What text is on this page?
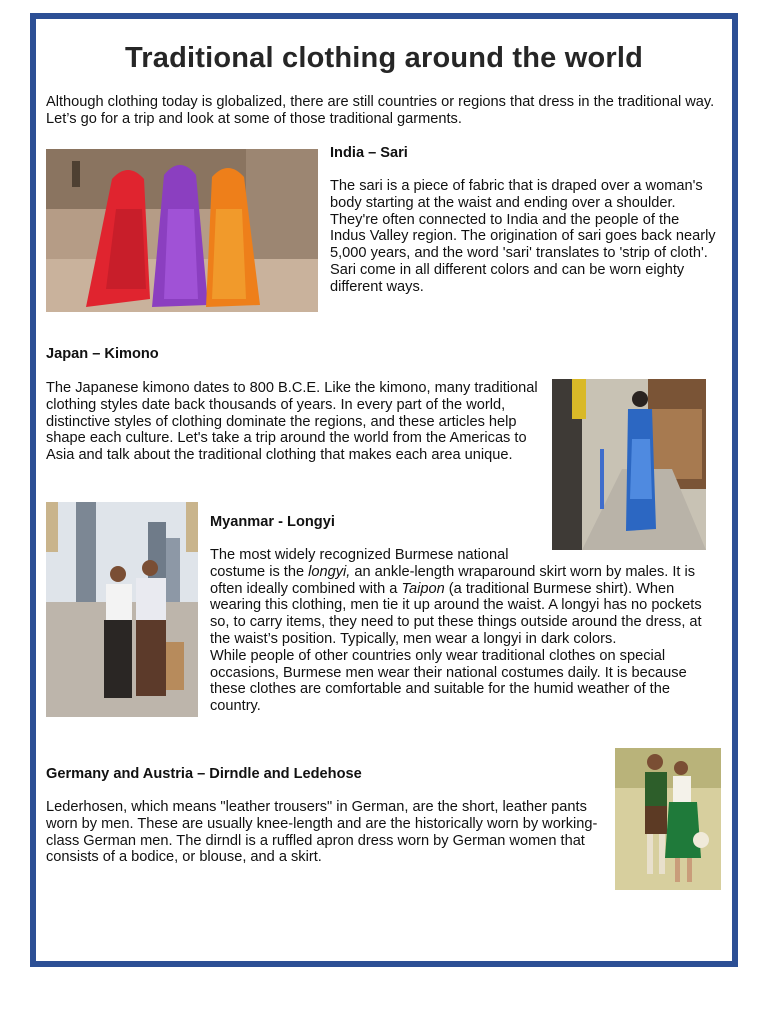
Traditional clothing around the world
Although clothing today is globalized, there are still countries or regions that dress in the traditional way. Let’s go for a trip and look at some of those traditional garments.
India – Sari
The sari is a piece of fabric that is draped over a woman's body starting at the waist and ending over a shoulder. They're often connected to India and the people of the Indus Valley region. The origination of sari goes back nearly 5,000 years, and the word 'sari' translates to 'strip of cloth'. Sari come in all different colors and can be worn eighty different ways.
Japan – Kimono
The Japanese kimono dates to 800 B.C.E. Like the kimono, many traditional clothing styles date back thousands of years. In every part of the world, distinctive styles of clothing dominate the regions, and these articles help shape each culture. Let's take a trip around the world from the Americas to Asia and talk about the traditional clothing that makes each area unique.
Myanmar - Longyi
The most widely recognized Burmese national
costume is the longyi, an ankle-length wraparound skirt worn by males. It is often ideally combined with a Taipon (a traditional Burmese shirt). When wearing this clothing, men tie it up around the waist. A longyi has no pockets so, to carry items, they need to put these things outside around the dress, at the waist’s position. Typically, men wear a longyi in dark colors.
While people of other countries only wear traditional clothes on special occasions, Burmese men wear their national costumes daily. It is because these clothes are comfortable and suitable for the humid weather of the country.
Germany and Austria – Dirndle and Ledehose
Lederhosen, which means "leather trousers" in German, are the short, leather pants worn by men. These are usually knee-length and are the historically worn by working-class German men. The dirndl is a ruffled apron dress worn by German women that consists of a bodice, or blouse, and a skirt.
